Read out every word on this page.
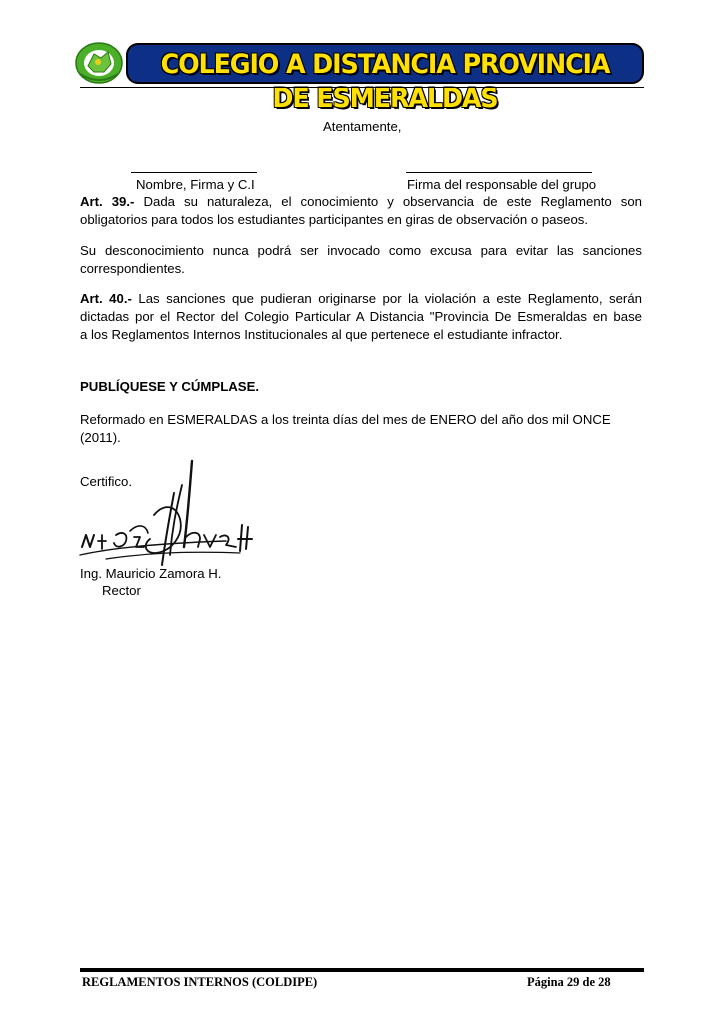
COLEGIO A DISTANCIA PROVINCIA DE ESMERALDAS

Atentamente,

Nombre, Firma y C.I	Firma del responsable del grupo

Art. 39.- Dada su naturaleza, el conocimiento y observancia de este Reglamento son
obligatorios para todos los estudiantes participantes en giras de observación o paseos.
Su desconocimiento nunca podrá ser invocado como excusa para evitar las sanciones
correspondientes.
Art. 40.- Las sanciones que pudieran originarse por la violación a este Reglamento, serán
dictadas por el Rector del Colegio Particular A Distancia "Provincia De Esmeraldas en base
a los Reglamentos Internos Institucionales al que pertenece el estudiante infractor.

PUBLÍQUESE Y CÚMPLASE.

Reformado en ESMERALDAS a los treinta días del mes de ENERO del año dos mil ONCE
(2011).

Certifico.

Ing. Mauricio Zamora H.

Rector

REGLAMENTOS INTERNOS (COLDIPE)	Página 29 de 28
